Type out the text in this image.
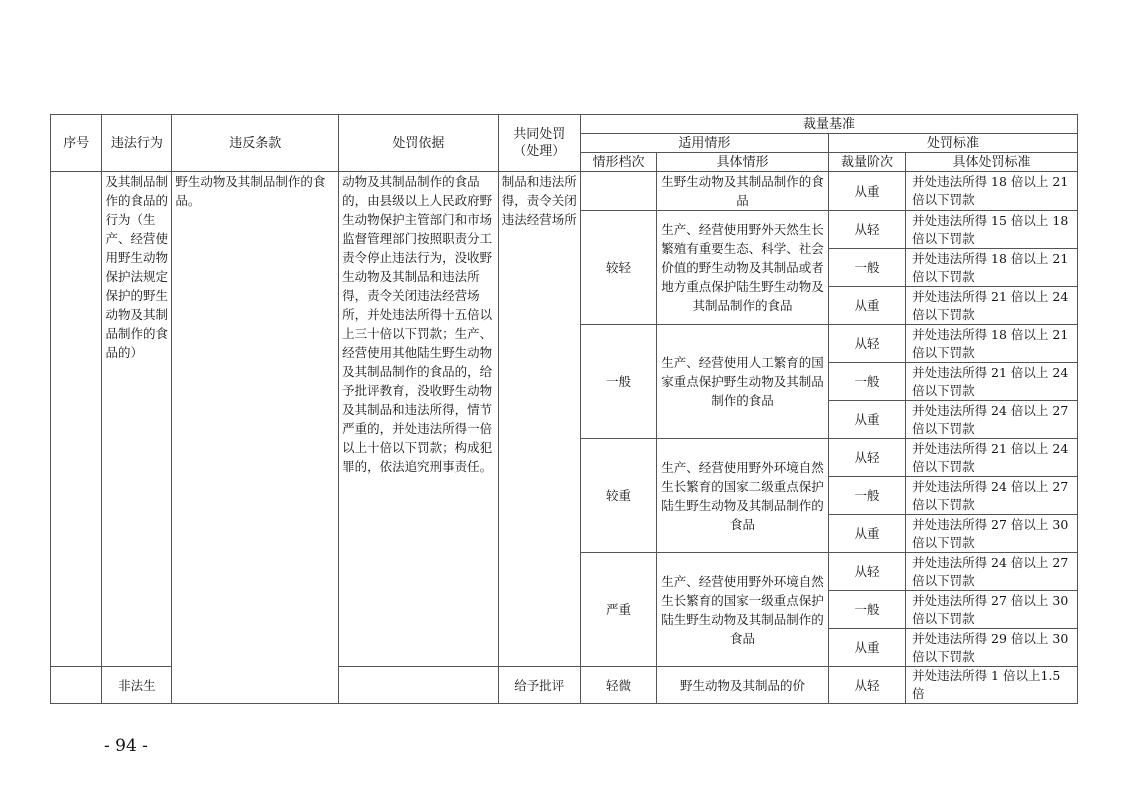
序号	违法行为	违反条款	处罚依据	共同处罚（处理）	裁量基准			
					适用情形		处罚标准	
					情形档次	具体情形	裁量阶次	具体处罚标准
	及其制品制作的食品的行为（生产、经营使用野生动物保护法规定保护的野生动物及其制品制作的食品的）	野生动物及其制品制作的食品。	动物及其制品制作的食品的，由县级以上人民政府野生动物保护主管部门和市场监督管理部门按照职责分工责令停止违法行为，没收野生动物及其制品和违法所得，责令关闭违法经营场所，并处违法所得十五倍以上三十倍以下罚款；生产、经营使用其他陆生野生动物及其制品制作的食品的，给予批评教育，没收野生动物及其制品和违法所得，情节严重的，并处违法所得一倍以上十倍以下罚款；构成犯罪的，依法追究刑事责任。	制品和违法所得，责令关闭违法经营场所		生野生动物及其制品制作的食品	从重	并处违法所得 18 倍以上 21 倍以下罚款
					较轻	生产、经营使用野外天然生长繁殖有重要生态、科学、社会价值的野生动物及其制品或者地方重点保护陆生野生动物及其制品制作的食品	从轻	并处违法所得 15 倍以上 18 倍以下罚款
							一般	并处违法所得 18 倍以上 21 倍以下罚款
							从重	并处违法所得 21 倍以上 24 倍以下罚款
					一般	生产、经营使用人工繁育的国家重点保护野生动物及其制品制作的食品	从轻	并处违法所得 18 倍以上 21 倍以下罚款
							一般	并处违法所得 21 倍以上 24 倍以下罚款
							从重	并处违法所得 24 倍以上 27 倍以下罚款
					较重	生产、经营使用野外环境自然生长繁育的国家二级重点保护陆生野生动物及其制品制作的食品	从轻	并处违法所得 21 倍以上 24 倍以下罚款
							一般	并处违法所得 24 倍以上 27 倍以下罚款
							从重	并处违法所得 27 倍以上 30 倍以下罚款
					严重	生产、经营使用野外环境自然生长繁育的国家一级重点保护陆生野生动物及其制品制作的食品	从轻	并处违法所得 24 倍以上 27 倍以下罚款
							一般	并处违法所得 27 倍以上 30 倍以下罚款
							从重	并处违法所得 29 倍以上 30 倍以下罚款
	非法生			给予批评	轻微	野生动物及其制品的价	从轻	并处违法所得 1 倍以上1.5 倍
- 94 -
